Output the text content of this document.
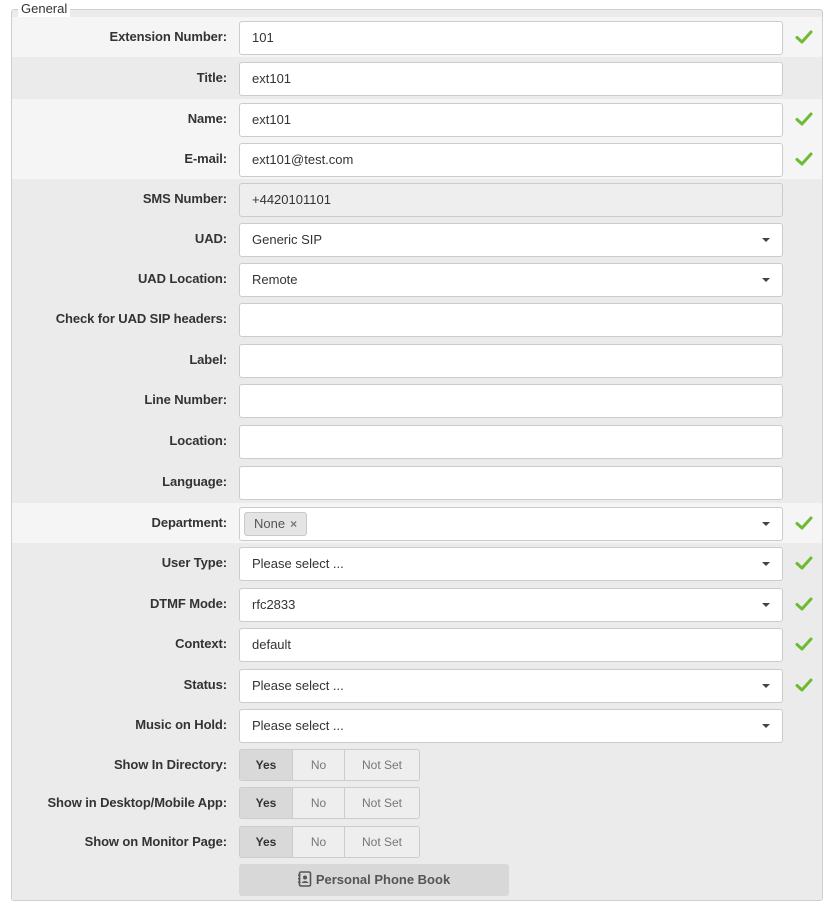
General
Extension Number:	101
Title:	ext101
Name:	ext101
E-mail:	ext101@test.com
SMS Number:	+4420101101
UAD:	Generic SIP
UAD Location:	Remote
Check for UAD SIP headers:
Label:
Line Number:
Location:
Language:
Department:	None ×
User Type:	Please select ...
DTMF Mode:	rfc2833
Context:	default
Status:	Please select ...
Music on Hold:	Please select ...
Show In Directory:	Yes	No	Not Set
Show in Desktop/Mobile App:	Yes	No	Not Set
Show on Monitor Page:	Yes	No	Not Set
Personal Phone Book
